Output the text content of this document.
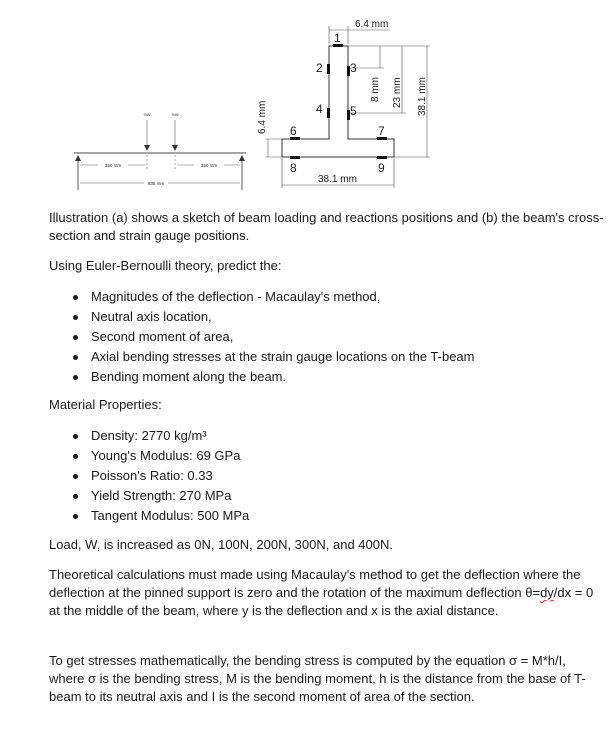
½W	½W
350 mm	350 mm
835 mm
1
2 3
4 5
6	7
8	9
6.4 mm
8 mm 23 mm 38.1 mm
6.4 mm
38.1 mm
Illustration (a) shows a sketch of beam loading and reactions positions and (b) the beam's cross-section and strain gauge positions.
Using Euler-Bernoulli theory, predict the:
Magnitudes of the deflection - Macaulay's method,
Neutral axis location,
Second moment of area,
Axial bending stresses at the strain gauge locations on the T-beam
Bending moment along the beam.
Material Properties:
Density: 2770 kg/m³
Young's Modulus: 69 GPa
Poisson's Ratio: 0.33
Yield Strength: 270 MPa
Tangent Modulus: 500 MPa
Load, W, is increased as 0N, 100N, 200N, 300N, and 400N.
Theoretical calculations must made using Macaulay's method to get the deflection where the deflection at the pinned support is zero and the rotation of the maximum deflection θ=dy/dx = 0 at the middle of the beam, where y is the deflection and x is the axial distance.
To get stresses mathematically, the bending stress is computed by the equation σ = M*h/I, where σ is the bending stress, M is the bending moment, h is the distance from the base of T-beam to its neutral axis and I is the second moment of area of the section.
